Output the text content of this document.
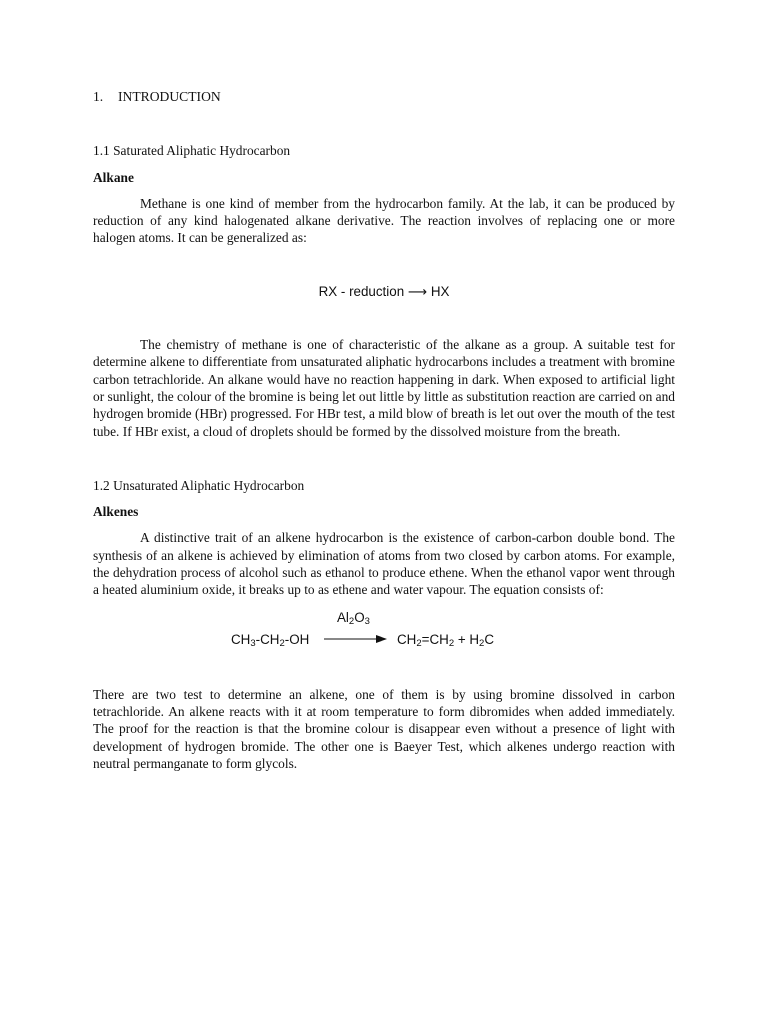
1. INTRODUCTION
1.1 Saturated Aliphatic Hydrocarbon
Alkane

Methane is one kind of member from the hydrocarbon family. At the lab, it can be produced by reduction of any kind halogenated alkane derivative. The reaction involves of replacing one or more halogen atoms. It can be generalized as:

RX - reduction ⟶ HX

The chemistry of methane is one of characteristic of the alkane as a group. A suitable test for determine alkene to differentiate from unsaturated aliphatic hydrocarbons includes a treatment with bromine carbon tetrachloride. An alkane would have no reaction happening in dark. When exposed to artificial light or sunlight, the colour of the bromine is being let out little by little as substitution reaction are carried on and hydrogen bromide (HBr) progressed. For HBr test, a mild blow of breath is let out over the mouth of the test tube. If HBr exist, a cloud of droplets should be formed by the dissolved moisture from the breath.

1.2 Unsaturated Aliphatic Hydrocarbon
Alkenes

A distinctive trait of an alkene hydrocarbon is the existence of carbon-carbon double bond. The synthesis of an alkene is achieved by elimination of atoms from two closed by carbon atoms. For example, the dehydration process of alcohol such as ethanol to produce ethene. When the ethanol vapor went through a heated aluminium oxide, it breaks up to as ethene and water vapour. The equation consists of:

$Al_2O_3$
$CH_3-CH_2-OH$	$CH_2=CH_2 + H_2C$

There are two test to determine an alkene, one of them is by using bromine dissolved in carbon tetrachloride. An alkene reacts with it at room temperature to form dibromides when added immediately. The proof for the reaction is that the bromine colour is disappear even without a presence of light with development of hydrogen bromide. The other one is Baeyer Test, which alkenes undergo reaction with neutral permanganate to form glycols.
